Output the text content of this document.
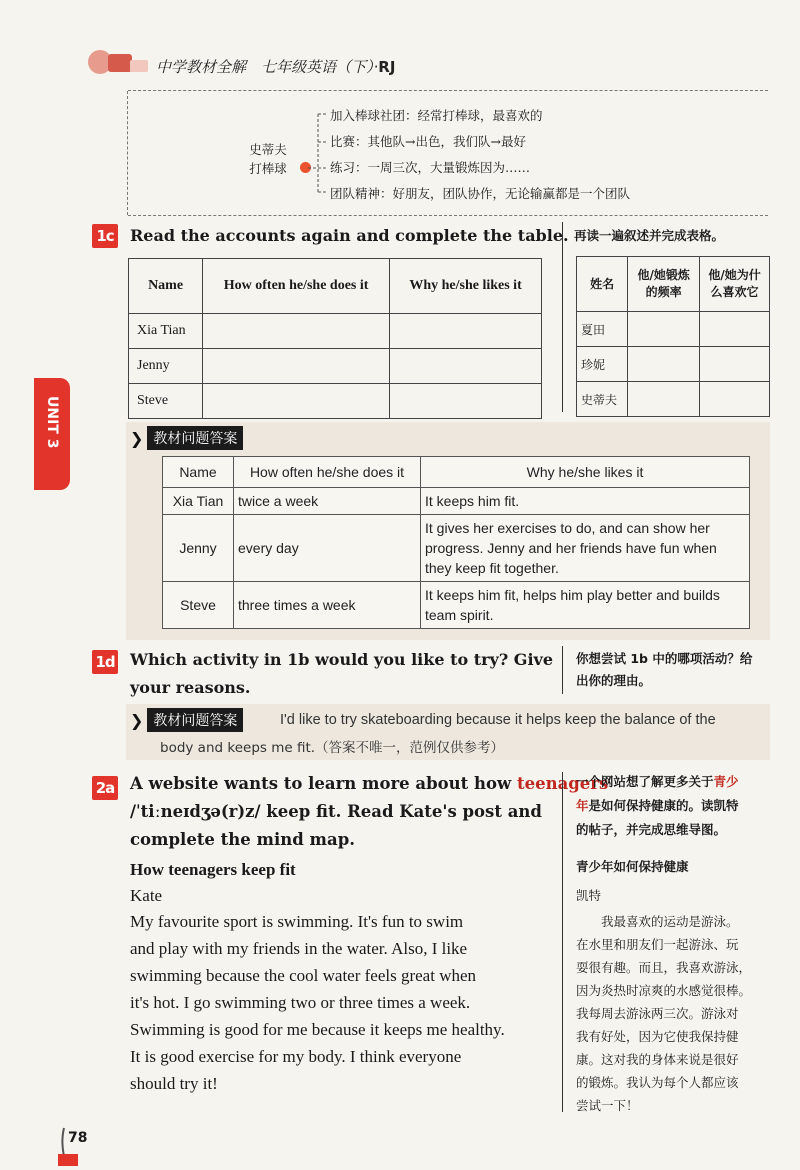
中学教材全解　七年级英语（下）·RJ
史蒂夫
打棒球
加入棒球社团：经常打棒球，最喜欢的
比赛：其他队→出色，我们队→最好
练习：一周三次，大量锻炼因为……
团队精神：好朋友，团队协作，无论输赢都是一个团队
1c Read the accounts again and complete the table. 再读一遍叙述并完成表格。
Name	How often he/she does it	Why he/she likes it
Xia Tian		
Jenny		
Steve		
姓名	他/她锻炼的频率	他/她为什么喜欢它
夏田		
珍妮		
史蒂夫		
❯ 教材问题答案
Name	How often he/she does it	Why he/she likes it
Xia Tian	twice a week	It keeps him fit.
Jenny	every day	It gives her exercises to do, and can show her progress. Jenny and her friends have fun when they keep fit together.
Steve	three times a week	It keeps him fit, helps him play better and builds team spirit.
1d Which activity in 1b would you like to try? Give
your reasons.
你想尝试 1b 中的哪项活动？给
出你的理由。
❯ 教材问题答案	I'd like to try skateboarding because it helps keep the balance of the
body and keeps me fit.（答案不唯一，范例仅供参考）
2a A website wants to learn more about how teenagers
/ˈtiːneɪdʒə(r)z/ keep fit. Read Kate's post and
complete the mind map.
一个网站想了解更多关于青少
年是如何保持健康的。读凯特
的帖子，并完成思维导图。
How teenagers keep fit
Kate
My favourite sport is swimming. It's fun to swim
and play with my friends in the water. Also, I like
swimming because the cool water feels great when
it's hot. I go swimming two or three times a week.
Swimming is good for me because it keeps me healthy.
It is good exercise for my body. I think everyone
should try it!
青少年如何保持健康
凯特
　　我最喜欢的运动是游泳。
在水里和朋友们一起游泳、玩
耍很有趣。而且，我喜欢游泳，
因为炎热时凉爽的水感觉很棒。
我每周去游泳两三次。游泳对
我有好处，因为它使我保持健
康。这对我的身体来说是很好
的锻炼。我认为每个人都应该
尝试一下！
UNIT 3
78
